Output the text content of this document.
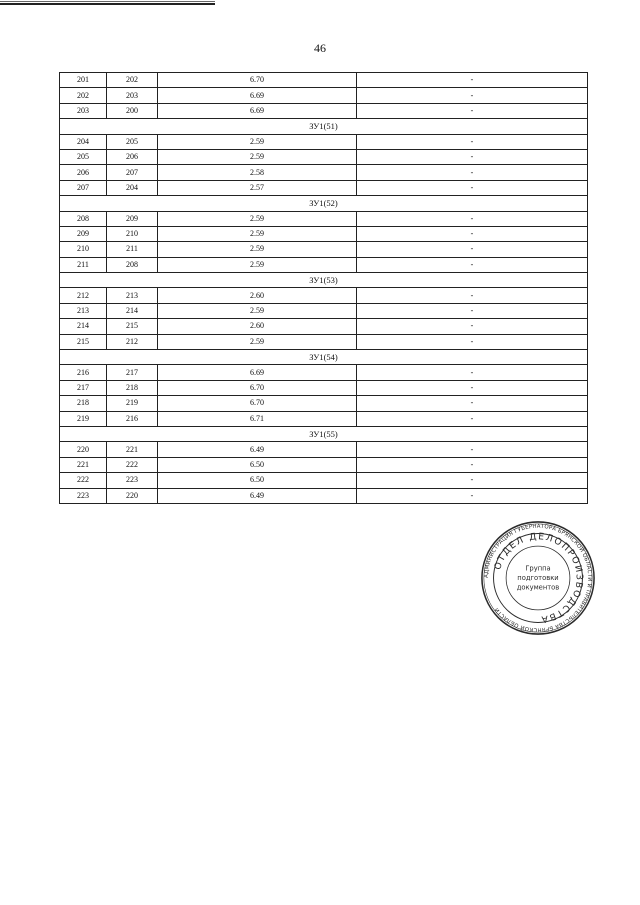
46
201	202	6.70	-
202	203	6.69	-
203	200	6.69	-
ЗУ1(51)			
204	205	2.59	-
205	206	2.59	-
206	207	2.58	-
207	204	2.57	-
ЗУ1(52)			
208	209	2.59	-
209	210	2.59	-
210	211	2.59	-
211	208	2.59	-
ЗУ1(53)			
212	213	2.60	-
213	214	2.59	-
214	215	2.60	-
215	212	2.59	-
ЗУ1(54)			
216	217	6.69	-
217	218	6.70	-
218	219	6.70	-
219	216	6.71	-
ЗУ1(55)			
220	221	6.49	-
221	222	6.50	-
222	223	6.50	-
223	220	6.49	-
АДМИНИСТРАЦИЯ ГУБЕРНАТОРА БРЯНСКОЙ ОБЛАСТИ И ПРАВИТЕЛЬСТВА БРЯНСКОЙ ОБЛАСТИ
ОТДЕЛ ДЕЛОПРОИЗВОДСТВА
Группа
подготовки
документов
